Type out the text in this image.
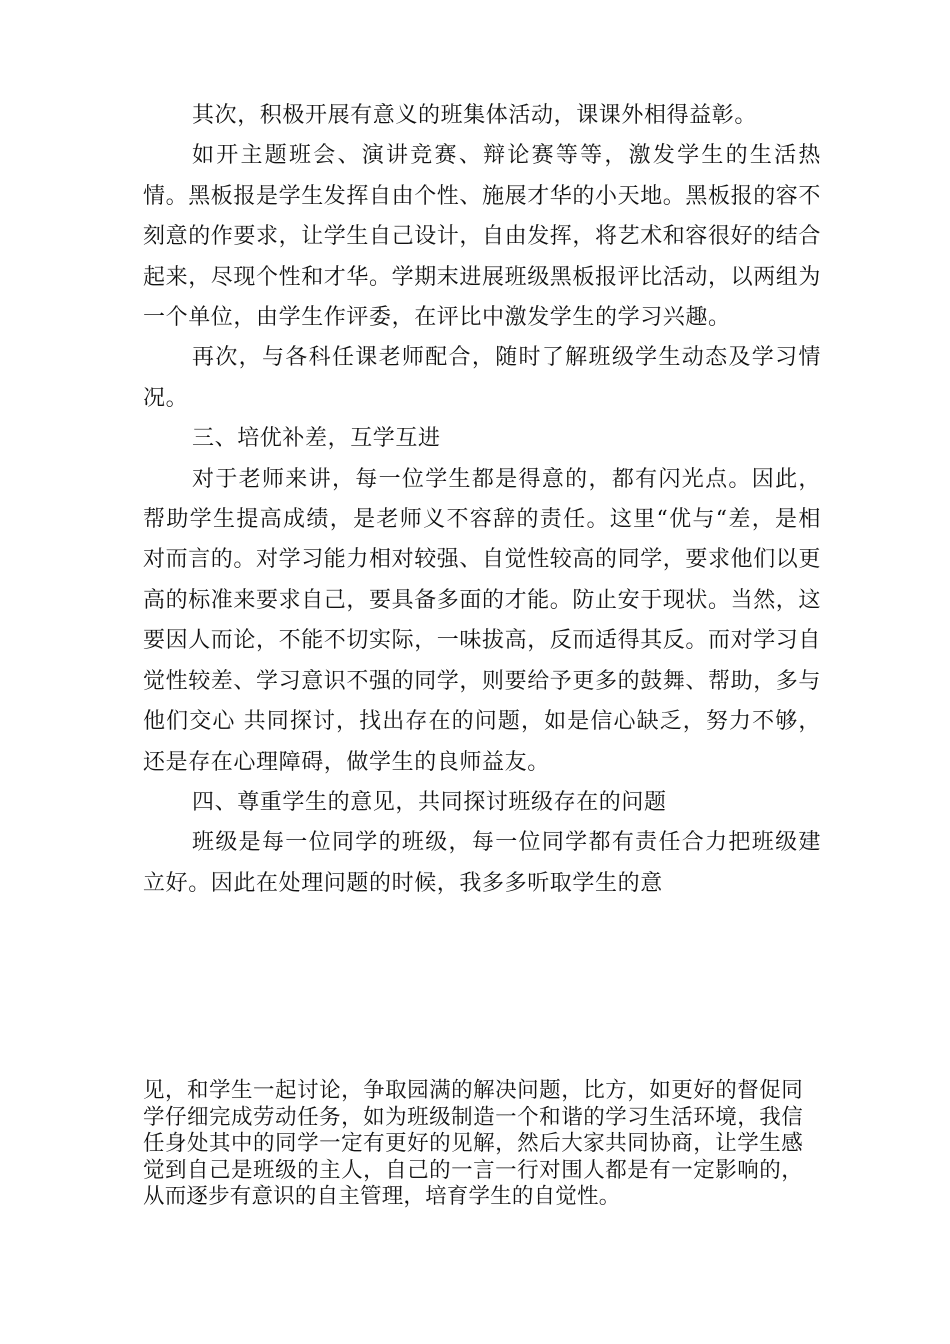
其次，积极开展有意义的班集体活动，课课外相得益彰。

如开主题班会、演讲竞赛、辩论赛等等，激发学生的生活热情。黑板报是学生发挥自由个性、施展才华的小天地。黑板报的容不刻意的作要求，让学生自己设计，自由发挥，将艺术和容很好的结合起来，尽现个性和才华。学期末进展班级黑板报评比活动，以两组为一个单位，由学生作评委，在评比中激发学生的学习兴趣。

再次，与各科任课老师配合，随时了解班级学生动态及学习情况。

三、培优补差，互学互进

对于老师来讲，每一位学生都是得意的，都有闪光点。因此，帮助学生提高成绩，是老师义不容辞的责任。这里“优与“差，是相对而言的。对学习能力相对较强、自觉性较高的同学，要求他们以更高的标准来要求自己，要具备多面的才能。防止安于现状。当然，这要因人而论，不能不切实际，一味拔高，反而适得其反。而对学习自觉性较差、学习意识不强的同学，则要给予更多的鼓舞、帮助，多与他们交心 共同探讨，找出存在的问题，如是信心缺乏，努力不够，还是存在心理障碍，做学生的良师益友。

四、尊重学生的意见，共同探讨班级存在的问题

班级是每一位同学的班级，每一位同学都有责任合力把班级建立好。因此在处理问题的时候，我多多听取学生的意

见，和学生一起讨论，争取园满的解决问题，比方，如更好的督促同学仔细完成劳动任务，如为班级制造一个和谐的学习生活环境，我信任身处其中的同学一定有更好的见解，然后大家共同协商，让学生感觉到自己是班级的主人，自己的一言一行对围人都是有一定影响的，从而逐步有意识的自主管理，培育学生的自觉性。
